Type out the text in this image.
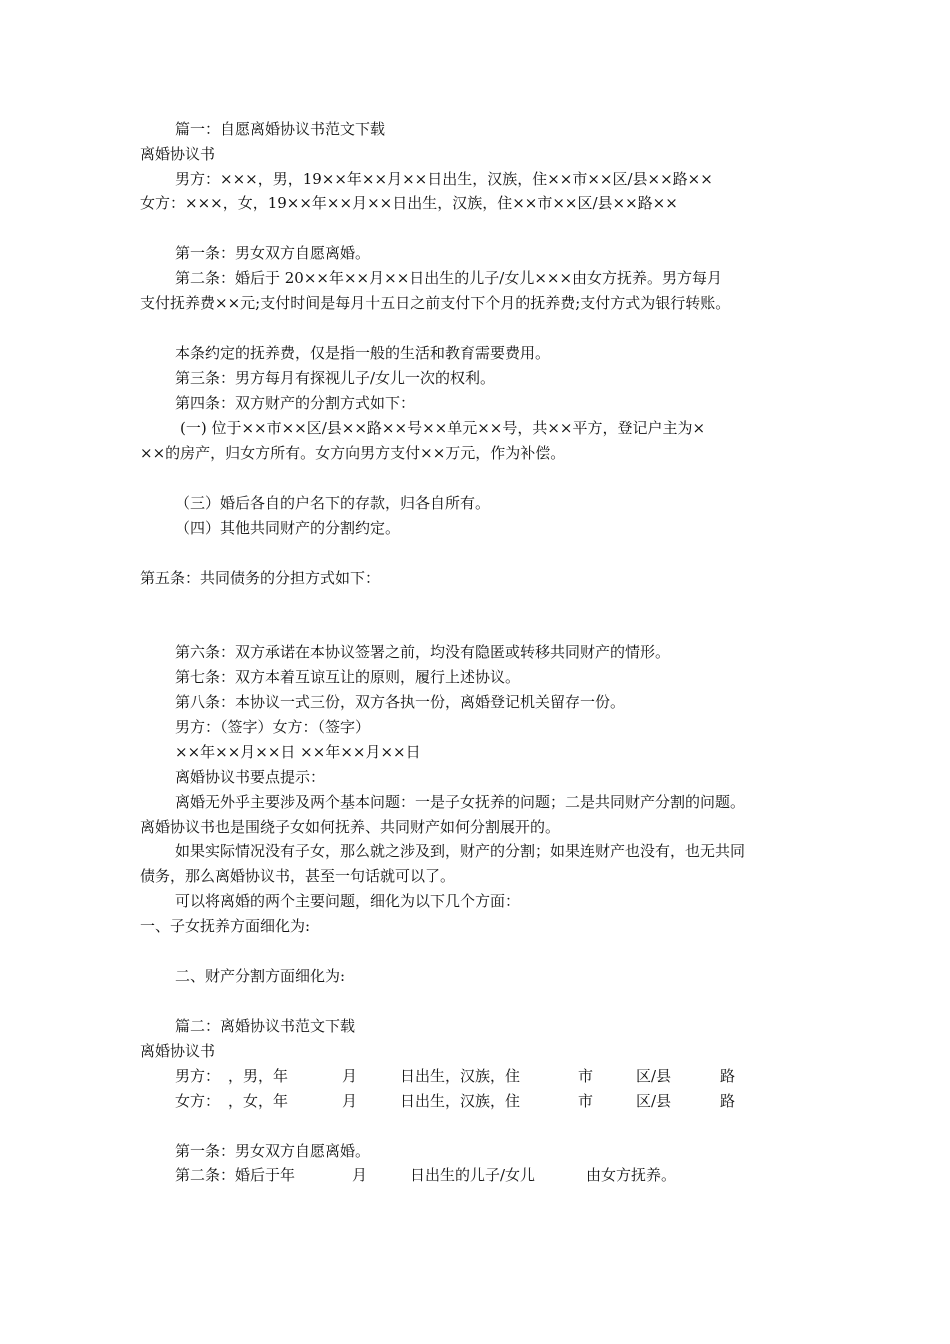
篇一：自愿离婚协议书范文下载
离婚协议书
男方：×××，男，19××年××月××日出生，汉族，住××市××区/县××路××
女方：×××，女，19××年××月××日出生，汉族，住××市××区/县××路××
第一条：男女双方自愿离婚。
第二条：婚后于 20××年××月××日出生的儿子/女儿×××由女方抚养。男方每月
支付抚养费××元;支付时间是每月十五日之前支付下个月的抚养费;支付方式为银行转账。
本条约定的抚养费，仅是指一般的生活和教育需要费用。
第三条：男方每月有探视儿子/女儿一次的权利。
第四条：双方财产的分割方式如下：
(一) 位于××市××区/县××路××号××单元××号，共××平方，登记户主为×
××的房产，归女方所有。女方向男方支付××万元，作为补偿。
（三）婚后各自的户名下的存款，归各自所有。
（四）其他共同财产的分割约定。
第五条：共同债务的分担方式如下：
第六条：双方承诺在本协议签署之前，均没有隐匿或转移共同财产的情形。
第七条：双方本着互谅互让的原则，履行上述协议。
第八条：本协议一式三份，双方各执一份，离婚登记机关留存一份。
男方：（签字）女方：（签字）
××年××月××日 ××年××月××日
离婚协议书要点提示：
离婚无外乎主要涉及两个基本问题：一是子女抚养的问题；二是共同财产分割的问题。
离婚协议书也是围绕子女如何抚养、共同财产如何分割展开的。
如果实际情况没有子女，那么就之涉及到，财产的分割；如果连财产也没有，也无共同
债务，那么离婚协议书，甚至一句话就可以了。
可以将离婚的两个主要问题，细化为以下几个方面：
一、子女抚养方面细化为:
二、财产分割方面细化为:
篇二：离婚协议书范文下载
离婚协议书
男方： ，男，年	月	日出生，汉族，住	市	区/县	路
女方： ，女，年	月	日出生，汉族，住	市	区/县	路
第一条：男女双方自愿离婚。
第二条：婚后于年	月	日出生的儿子/女儿	由女方抚养。
